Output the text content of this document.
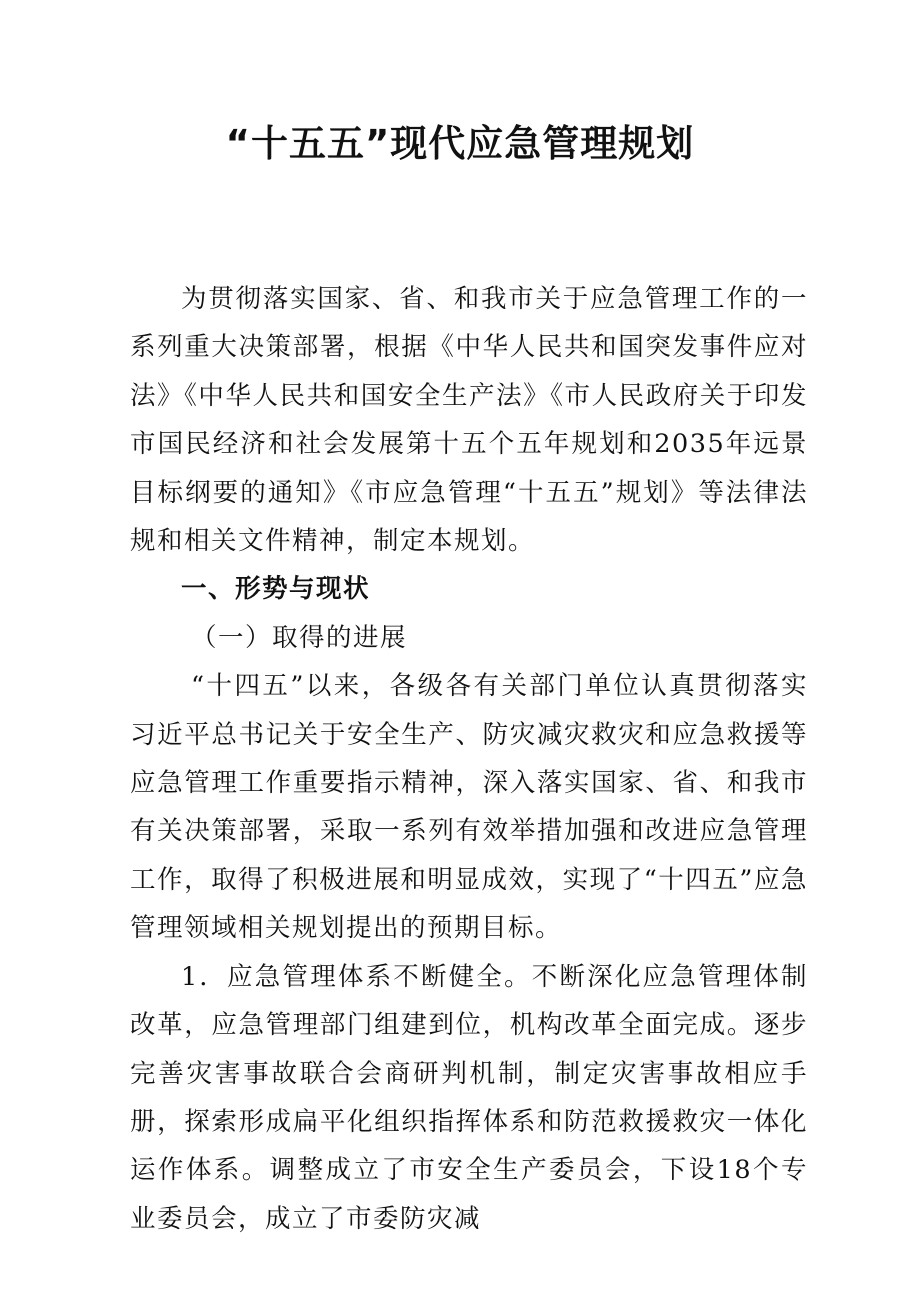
“十五五”现代应急管理规划

为贯彻落实国家、省、和我市关于应急管理工作的一系列重大决策部署，根据《中华人民共和国突发事件应对法》《中华人民共和国安全生产法》《市人民政府关于印发市国民经济和社会发展第十五个五年规划和2035年远景目标纲要的通知》《市应急管理“十五五”规划》等法律法规和相关文件精神，制定本规划。

一、形势与现状

（一）取得的进展

“十四五”以来，各级各有关部门单位认真贯彻落实习近平总书记关于安全生产、防灾减灾救灾和应急救援等应急管理工作重要指示精神，深入落实国家、省、和我市有关决策部署，采取一系列有效举措加强和改进应急管理工作，取得了积极进展和明显成效，实现了“十四五”应急管理领域相关规划提出的预期目标。

1．应急管理体系不断健全。不断深化应急管理体制改革，应急管理部门组建到位，机构改革全面完成。逐步完善灾害事故联合会商研判机制，制定灾害事故相应手册，探索形成扁平化组织指挥体系和防范救援救灾一体化运作体系。调整成立了市安全生产委员会，下设18个专业委员会，成立了市委防灾减
